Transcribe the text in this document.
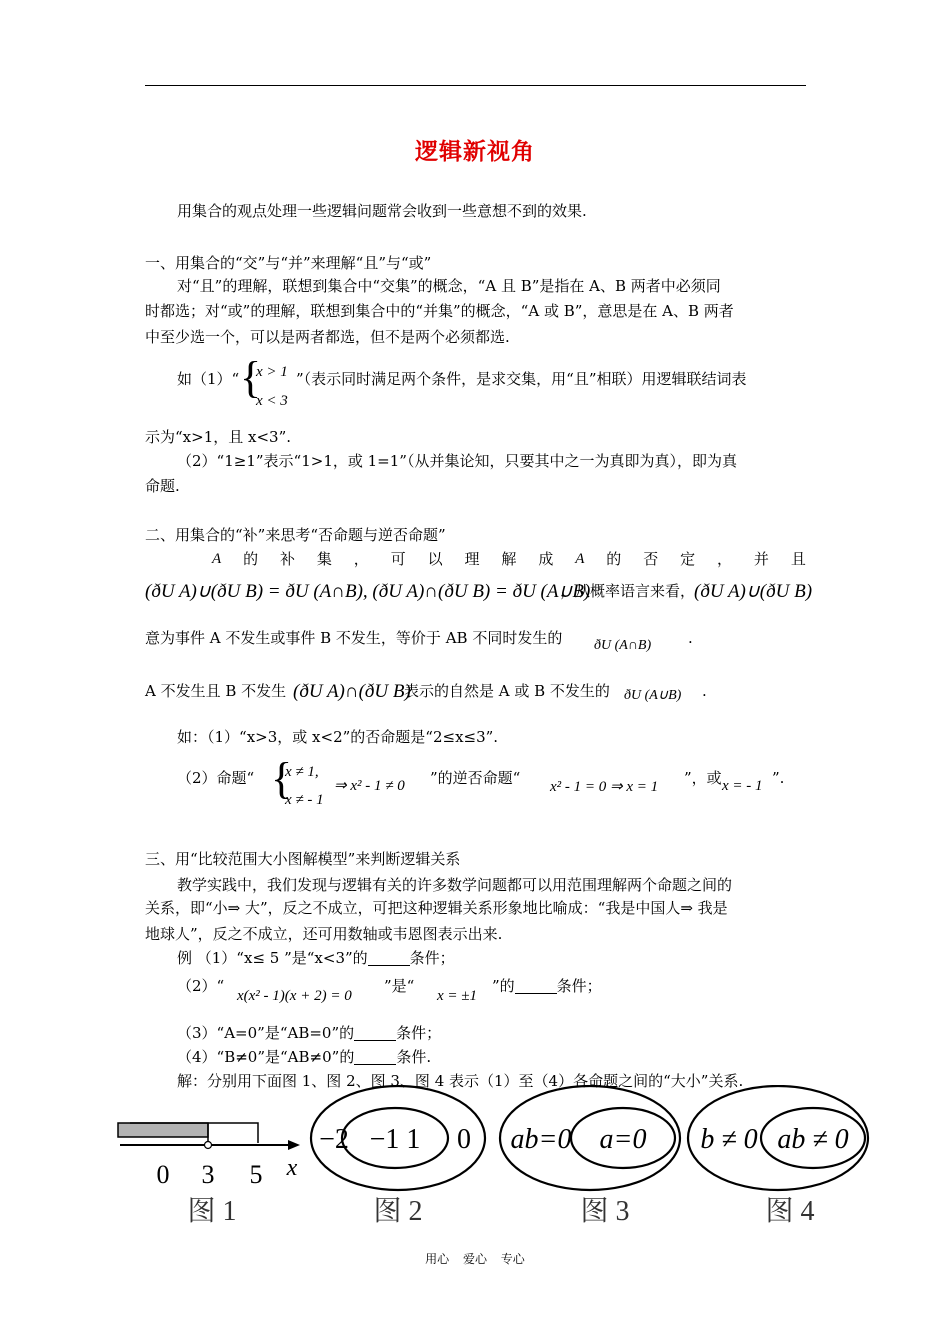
逻辑新视角
用集合的观点处理一些逻辑问题常会收到一些意想不到的效果.
一、用集合的“交”与“并”来理解“且”与“或”
对“且”的理解，联想到集合中“交集”的概念，“A 且 B”是指在 A、B 两者中必须同
时都选；对“或”的理解，联想到集合中的“并集”的概念，“A 或 B”，意思是在 A、B 两者
中至少选一个，可以是两者都选，但不是两个必须都选.
如（1）“ {
x > 1
x < 3
”（表示同时满足两个条件，是求交集，用“且”相联）用逻辑联结词表
示为“x>1，且 x<3”.
（2）“1≥1”表示“1>1，或 1=1”（从并集论知，只要其中之一为真即为真），即为真
命题.
二、用集合的“补”来思考“否命题与逆否命题”
A 的 补 集 ， 可 以 理 解 成 A 的 否 定 ， 并 且
(ðU A)∪(ðU B) = ðU (A∩B), (ðU A)∩(ðU B) = ðU (A∪B)
，从概率语言来看，
(ðU A)∪(ðU B)
意为事件 A 不发生或事件 B 不发生，等价于 AB 不同时发生的 ðU (A∩B) .
A 不发生且 B 不发生 (ðU A)∩(ðU B)
表示的自然是 A 或 B 不发生的 ðU (A∪B) .
如：（1）“x>3，或 x<2”的否命题是“2≤x≤3”.
（2）命题“ {
x ≠ 1,
x ≠ - 1
⇒ x² - 1 ≠ 0 ”的逆否命题“ x² - 1 = 0 ⇒ x = 1 ”，或 x = - 1 ”.
三、用“比较范围大小图解模型”来判断逻辑关系
教学实践中，我们发现与逻辑有关的许多数学问题都可以用范围理解两个命题之间的
关系，即“小⇒ 大”，反之不成立，可把这种逻辑关系形象地比喻成：“我是中国人⇒ 我是
地球人”，反之不成立，还可用数轴或韦恩图表示出来.
例 （1）“x≤ 5 ”是“x<3”的	条件；
（2）“
x(x² - 1)(x + 2) = 0
”是“
x = ±1
”的	条件；
（3）“A=0”是“AB=0”的	条件；
（4）“B≠0”是“AB≠0”的	条件.
解：分别用下面图 1、图 2、图 3、图 4 表示（1）至（4）各命题之间的“大小”关系.
0 3 5 x
图 1
−2 −1 1 0
图 2
ab=0 a=0
图 3
b ≠ 0 ab ≠ 0
图 4
用心 爱心 专心
